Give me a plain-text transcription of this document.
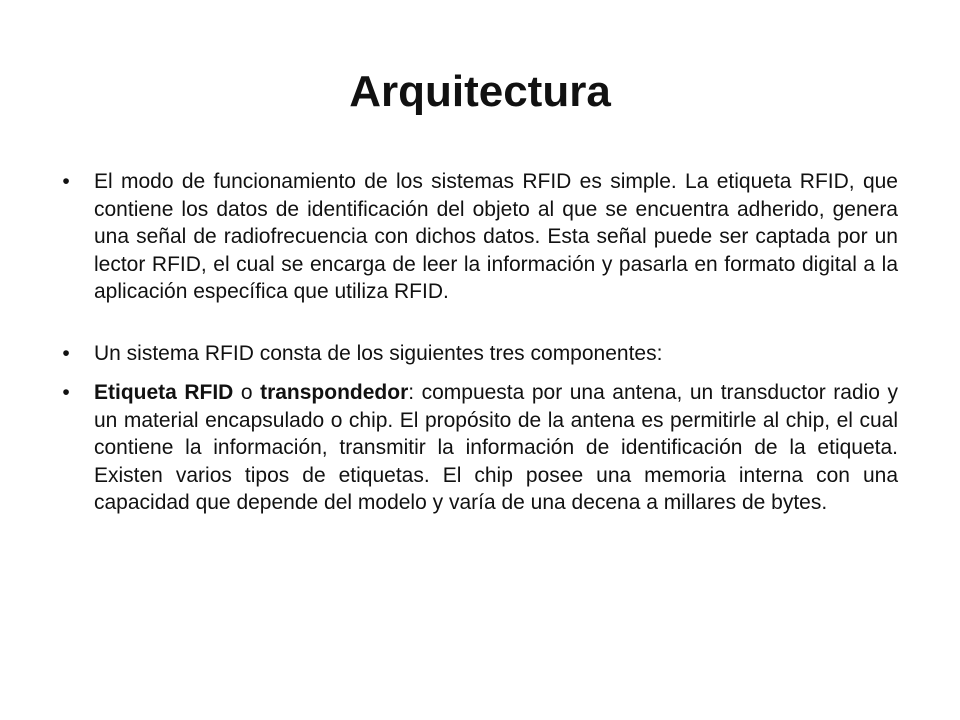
Arquitectura
•	El modo de funcionamiento de los sistemas RFID es simple. La etiqueta RFID, que contiene los datos de identificación del objeto al que se encuentra adherido, genera una señal de radiofrecuencia con dichos datos. Esta señal puede ser captada por un lector RFID, el cual se encarga de leer la información y pasarla en formato digital a la aplicación específica que utiliza RFID.
•	Un sistema RFID consta de los siguientes tres componentes:
•	Etiqueta RFID o transpondedor: compuesta por una antena, un transductor radio y un material encapsulado o chip. El propósito de la antena es permitirle al chip, el cual contiene la información, transmitir la información de identificación de la etiqueta. Existen varios tipos de etiquetas. El chip posee una memoria interna con una capacidad que depende del modelo y varía de una decena a millares de bytes.
